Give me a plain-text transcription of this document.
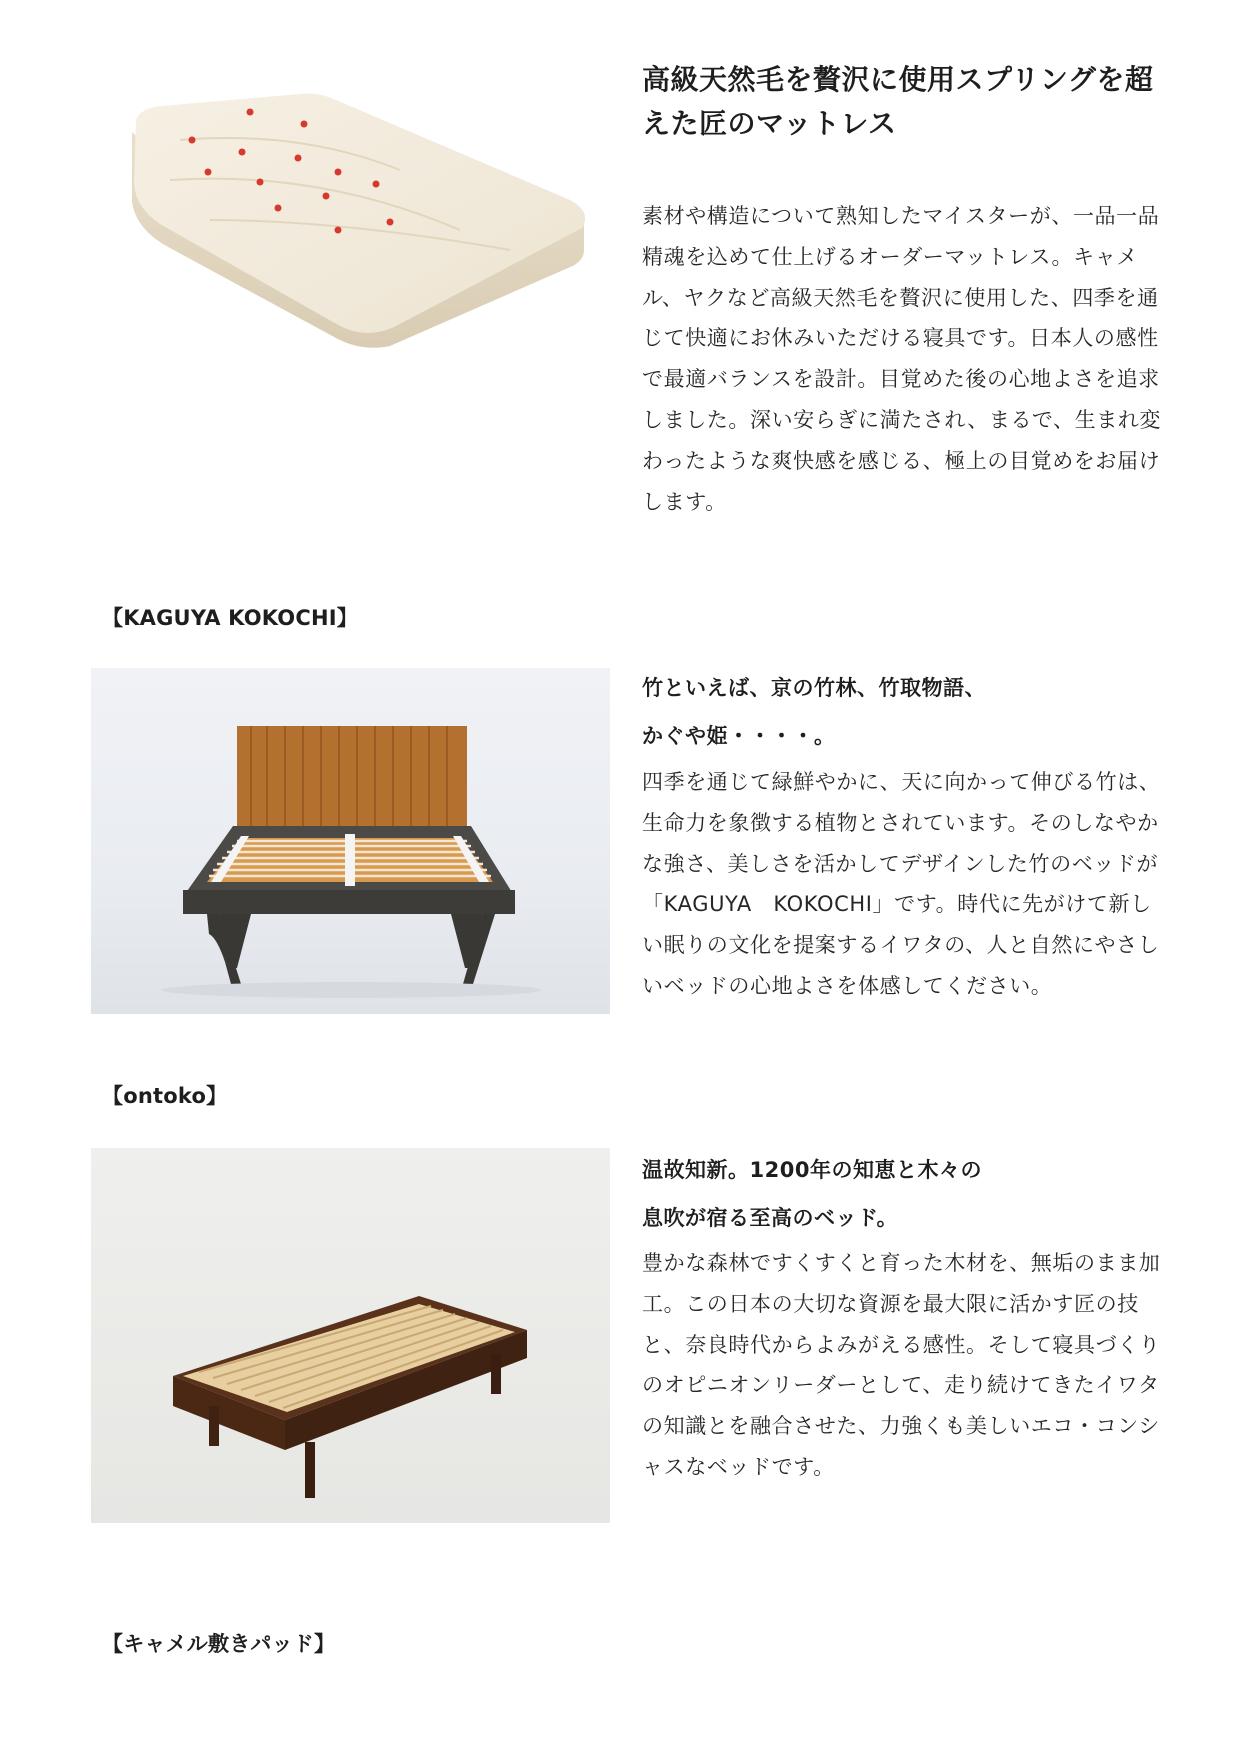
高級天然毛を贅沢に使用スプリングを超えた匠のマットレス
素材や構造について熟知したマイスターが、一品一品精魂を込めて仕上げるオーダーマットレス。キャメル、ヤクなど高級天然毛を贅沢に使用した、四季を通じて快適にお休みいただける寝具です。日本人の感性で最適バランスを設計。目覚めた後の心地よさを追求しました。深い安らぎに満たされ、まるで、生まれ変わったような爽快感を感じる、極上の目覚めをお届けします。
【KAGUYA KOKOCHI】
竹といえば、京の竹林、竹取物語、
かぐや姫・・・・。
四季を通じて緑鮮やかに、天に向かって伸びる竹は、生命力を象徴する植物とされています。そのしなやかな強さ、美しさを活かしてデザインした竹のベッドが「KAGUYA　KOKOCHI」です。時代に先がけて新しい眠りの文化を提案するイワタの、人と自然にやさしいベッドの心地よさを体感してください。
【ontoko】
温故知新。1200年の知恵と木々の
息吹が宿る至高のベッド。
豊かな森林ですくすくと育った木材を、無垢のまま加工。この日本の大切な資源を最大限に活かす匠の技と、奈良時代からよみがえる感性。そして寝具づくりのオピニオンリーダーとして、走り続けてきたイワタの知識とを融合させた、力強くも美しいエコ・コンシャスなベッドです。
【キャメル敷きパッド】
